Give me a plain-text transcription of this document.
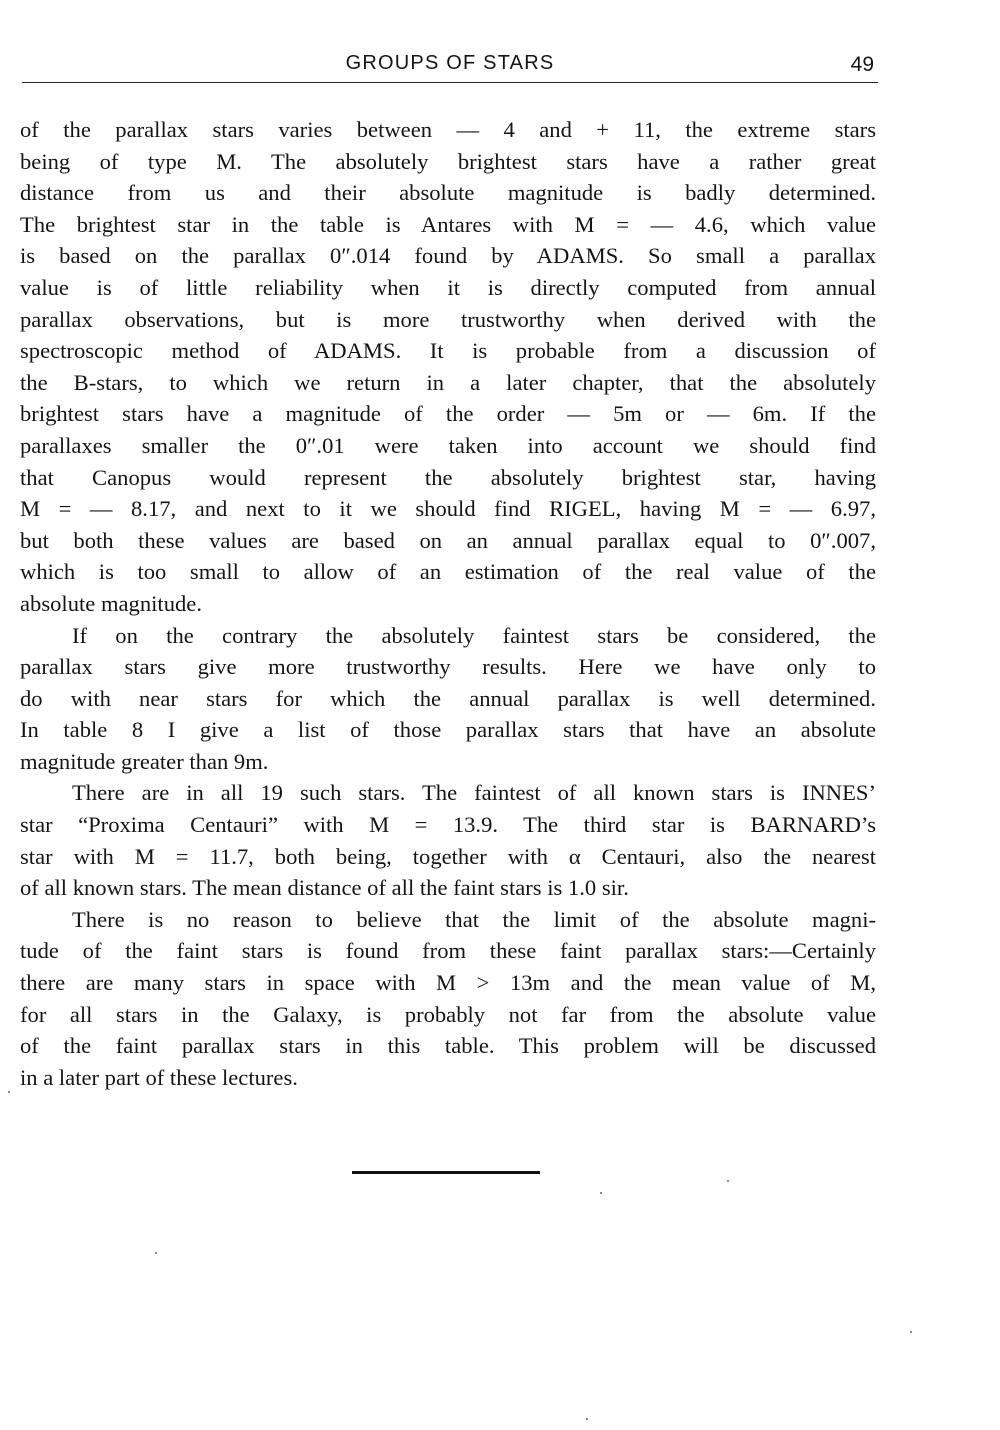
GROUPS OF STARS	49

of the parallax stars varies between — 4 and + 11, the extreme stars
being of type M. The absolutely brightest stars have a rather great
distance from us and their absolute magnitude is badly determined.
The brightest star in the table is Antares with M = — 4.6, which value
is based on the parallax 0″.014 found by ADAMS. So small a parallax
value is of little reliability when it is directly computed from annual
parallax observations, but is more trustworthy when derived with the
spectroscopic method of ADAMS. It is probable from a discussion of
the B-stars, to which we return in a later chapter, that the absolutely
brightest stars have a magnitude of the order — 5m or — 6m. If the
parallaxes smaller the 0″.01 were taken into account we should find
that Canopus would represent the absolutely brightest star, having
M = — 8.17, and next to it we should find RIGEL, having M = — 6.97,
but both these values are based on an annual parallax equal to 0″.007,
which is too small to allow of an estimation of the real value of the
absolute magnitude.

If on the contrary the absolutely faintest stars be considered, the
parallax stars give more trustworthy results. Here we have only to
do with near stars for which the annual parallax is well determined.
In table 8 I give a list of those parallax stars that have an absolute
magnitude greater than 9m.

There are in all 19 such stars. The faintest of all known stars is INNES’
star “Proxima Centauri” with M = 13.9. The third star is BARNARD’s
star with M = 11.7, both being, together with α Centauri, also the nearest
of all known stars. The mean distance of all the faint stars is 1.0 sir.

There is no reason to believe that the limit of the absolute magni-
tude of the faint stars is found from these faint parallax stars:—Certainly
there are many stars in space with M > 13m and the mean value of M,
for all stars in the Galaxy, is probably not far from the absolute value
of the faint parallax stars in this table. This problem will be discussed
in a later part of these lectures.
